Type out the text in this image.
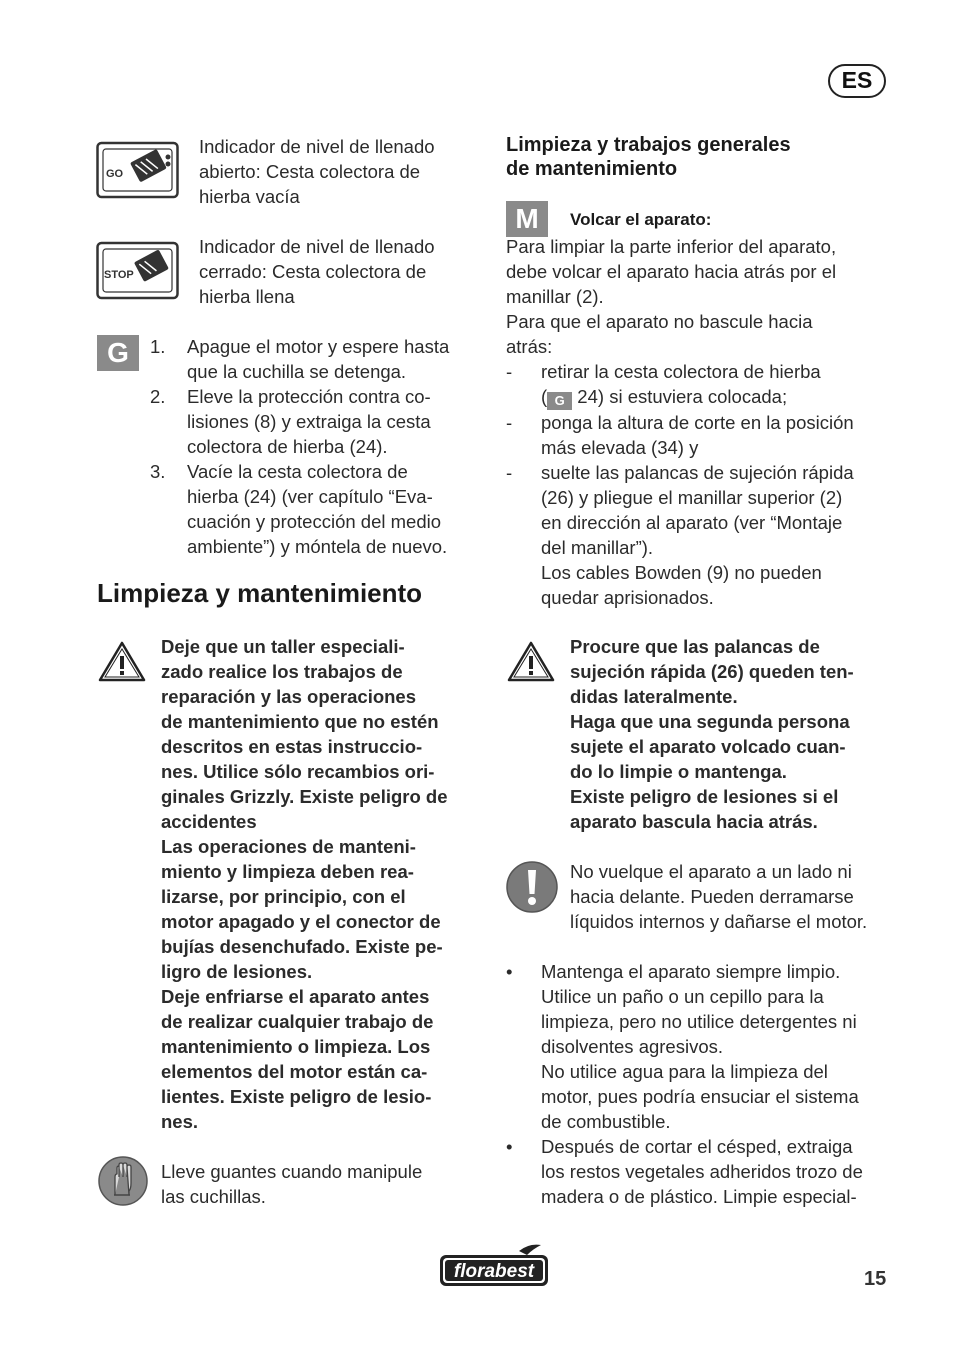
ES
GO
Indicador de nivel de llenado
abierto: Cesta colectora de
hierba vacía
STOP
Indicador de nivel de llenado
cerrado: Cesta colectora de
hierba llena
G	1. Apague el motor y espere hasta
que la cuchilla se detenga.
2. Eleve la protección contra co-
lisiones (8) y extraiga la cesta
colectora de hierba (24).
3. Vacíe la cesta colectora de
hierba (24) (ver capítulo “Eva-
cuación y protección del medio
ambiente”) y móntela de nuevo.
Limpieza y mantenimiento
Deje que un taller especiali-
zado realice los trabajos de
reparación y las operaciones
de mantenimiento que no estén
descritos en estas instruccio-
nes. Utilice sólo recambios ori-
ginales Grizzly. Existe peligro de
accidentes
Las operaciones de manteni-
miento y limpieza deben rea-
lizarse, por principio, con el
motor apagado y el conector de
bujías desenchufado. Existe pe-
ligro de lesiones.
Deje enfriarse el aparato antes
de realizar cualquier trabajo de
mantenimiento o limpieza. Los
elementos del motor están ca-
lientes. Existe peligro de lesio-
nes.
Lleve guantes cuando manipule
las cuchillas.
Limpieza y trabajos generales
de mantenimiento
M	Volcar el aparato:
Para limpiar la parte inferior del aparato,
debe volcar el aparato hacia atrás por el
manillar (2).
Para que el aparato no bascule hacia
atrás:
- retirar la cesta colectora de hierba
( G 24) si estuviera colocada;
- ponga la altura de corte en la posición
más elevada (34) y
- suelte las palancas de sujeción rápida
(26) y pliegue el manillar superior (2)
en dirección al aparato (ver “Montaje
del manillar”).
Los cables Bowden (9) no pueden
quedar aprisionados.
Procure que las palancas de
sujeción rápida (26) queden ten-
didas lateralmente.
Haga que una segunda persona
sujete el aparato volcado cuan-
do lo limpie o mantenga.
Existe peligro de lesiones si el
aparato bascula hacia atrás.
No vuelque el aparato a un lado ni
hacia delante. Pueden derramarse
líquidos internos y dañarse el motor.
• Mantenga el aparato siempre limpio.
Utilice un paño o un cepillo para la
limpieza, pero no utilice detergentes ni
disolventes agresivos.
No utilice agua para la limpieza del
motor, pues podría ensuciar el sistema
de combustible.
• Después de cortar el césped, extraiga
los restos vegetales adheridos trozo de
madera o de plástico. Limpie especial-
florabest	15
